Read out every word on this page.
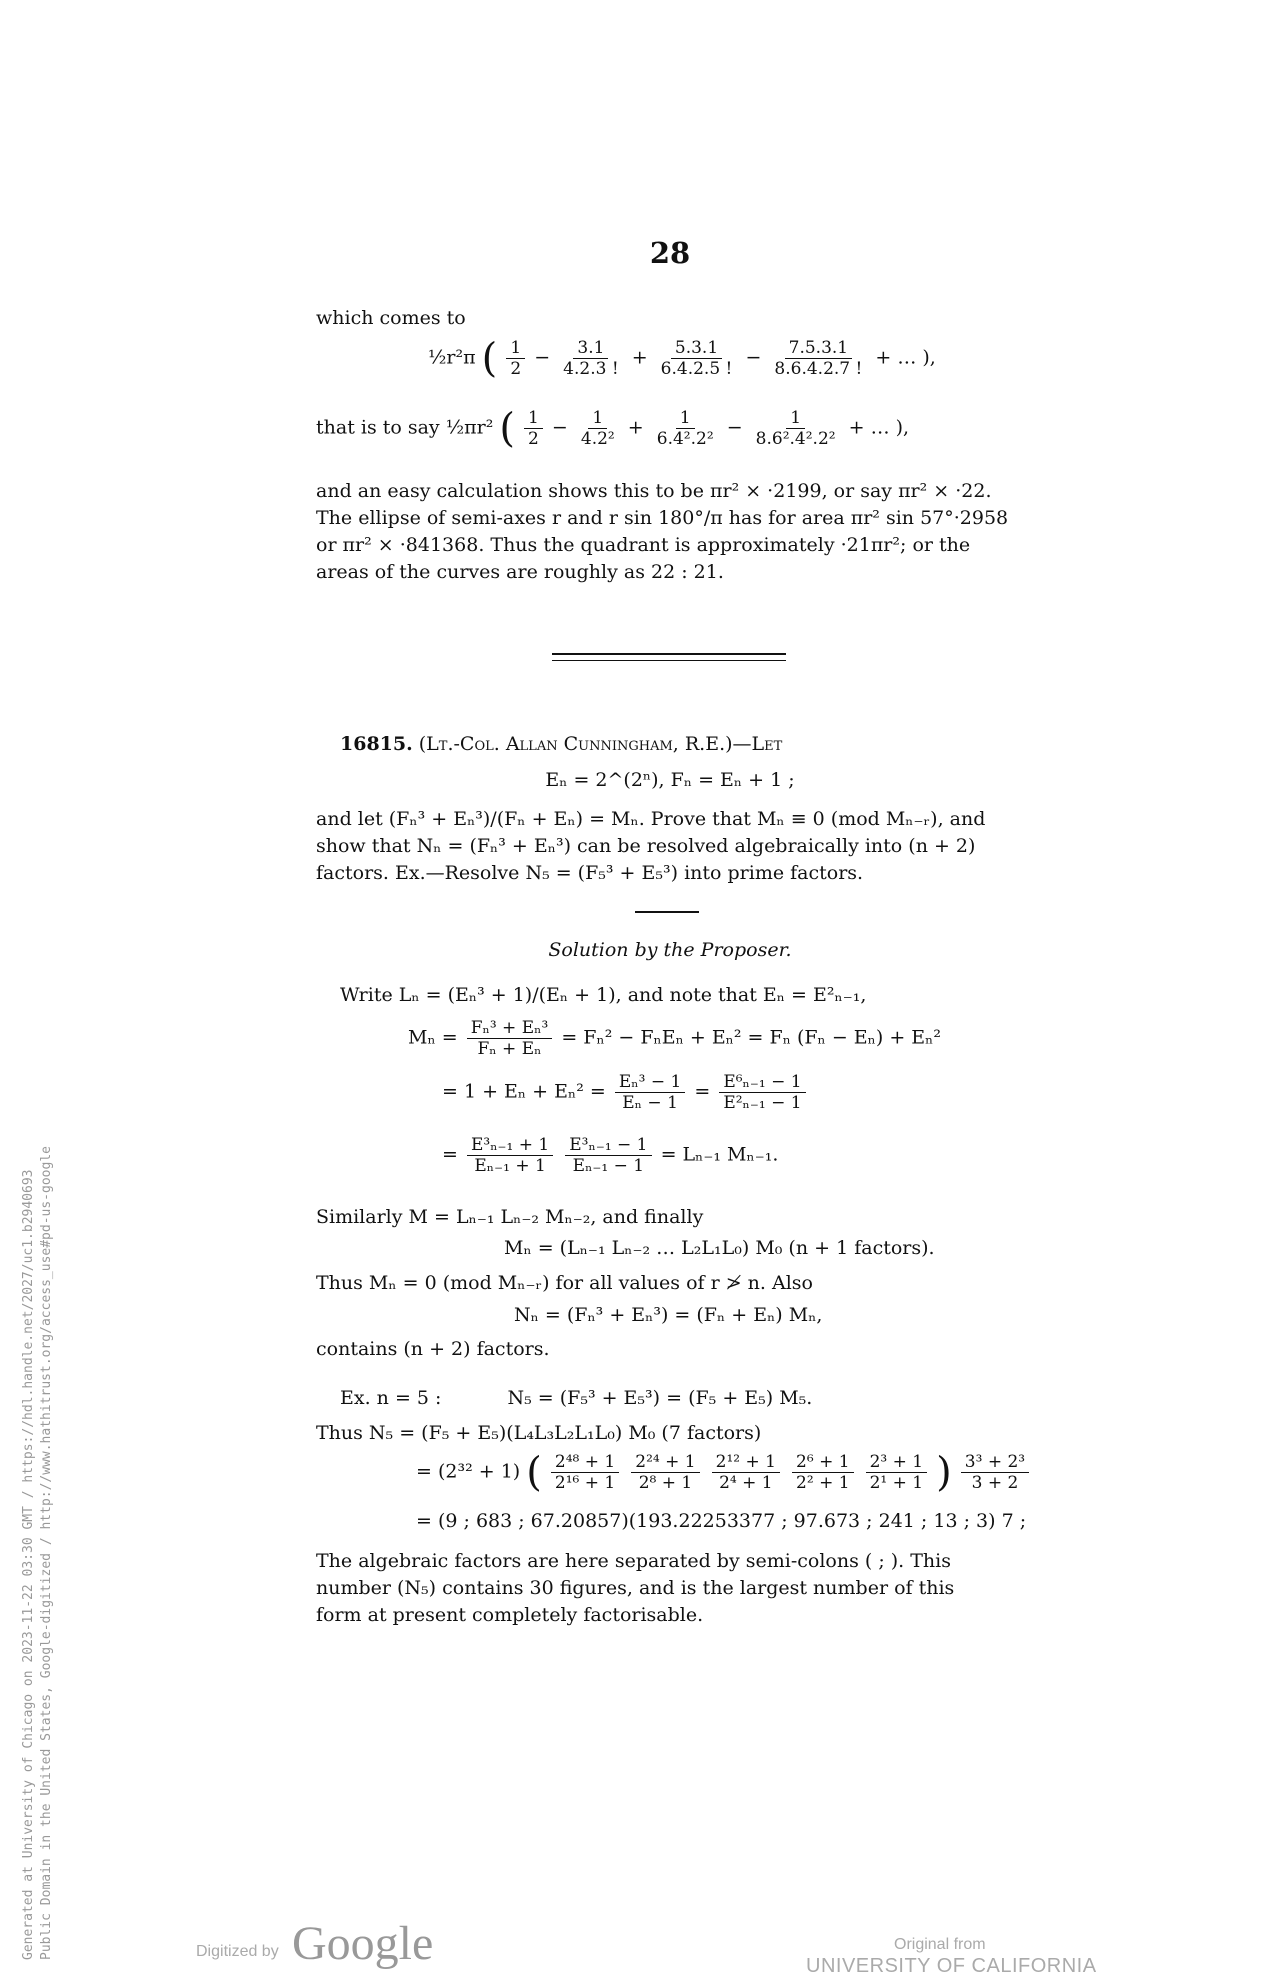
Generated at University of Chicago on 2023-11-22 03:30 GMT / https://hdl.handle.net/2027/uc1.b2940693 Public Domain in the United States, Google-digitized / http://www.hathitrust.org/access_use#pd-us-google
28
which comes to
½r²π ( $\frac{1}{2} - \frac{3.1}{4.2.3 !} + \frac{5.3.1}{6.4.2.5 !} - \frac{7.5.3.1}{8.6.4.2.7 !}$ + … ),
that is to say ½πr² ( $\frac{1}{2} - \frac{1}{\text{4.2²}} + \frac{1}{\text{6.4².2²}} - \frac{1}{\text{8.6².4².2²}}$ + … ),
and an easy calculation shows this to be πr² × ·2199, or say πr² × ·22.
The ellipse of semi-axes r and r sin 180°/π has for area πr² sin 57°·2958
or πr² × ·841368. Thus the quadrant is approximately ·21πr²; or the
areas of the curves are roughly as 22 : 21.
16815. (Lt.-Col. Allan Cunningham, R.E.)—Let
Eₙ = 2^(2ⁿ), Fₙ = Eₙ + 1 ;
and let (Fₙ³ + Eₙ³)/(Fₙ + Eₙ) = Mₙ. Prove that Mₙ ≡ 0 (mod Mₙ₋ᵣ), and
show that Nₙ = (Fₙ³ + Eₙ³) can be resolved algebraically into (n + 2)
factors. Ex.—Resolve N₅ = (F₅³ + E₅³) into prime factors.
Solution by the Proposer.
Write Lₙ = (Eₙ³ + 1)/(Eₙ + 1), and note that Eₙ = E²ₙ₋₁,
$M_n = \frac{\text{Fₙ³ + Eₙ³}}{\text{Fₙ + Eₙ}} = F_n^2 - F_nE_n + E_n^2 = F_n$ (Fₙ − Eₙ) + Eₙ²
= $1 + E_n + E_n^2 = \frac{\text{Eₙ³ − 1}}{\text{Eₙ − 1}} = \frac{\text{E⁶ₙ₋₁ − 1}}{\text{E²ₙ₋₁ − 1}}$
= $\frac{\text{E³ₙ₋₁ + 1}}{\text{Eₙ₋₁ + 1}}$
$\frac{\text{E³ₙ₋₁ − 1}}{\text{Eₙ₋₁ − 1}} = L_{n-1}$ Mₙ₋₁.
Similarly M = Lₙ₋₁ Lₙ₋₂ Mₙ₋₂, and finally
Mₙ = (Lₙ₋₁ Lₙ₋₂ … L₂L₁L₀) M₀ (n + 1 factors).
Thus Mₙ = 0 (mod Mₙ₋ᵣ) for all values of r ≯ n. Also
Nₙ = (Fₙ³ + Eₙ³) = (Fₙ + Eₙ) Mₙ,
contains (n + 2) factors.
Ex. n = 5 :	N₅ = (F₅³ + E₅³) = (F₅ + E₅) M₅.
Thus N₅ = (F₅ + E₅)(L₄L₃L₂L₁L₀) M₀ (7 factors)
= (2³² + 1) ( $\frac{\text{2⁴⁸ + 1}}{\text{2¹⁶ + 1}}$
$\frac{\text{2²⁴ + 1}}{\text{2⁸ + 1}}$
$\frac{\text{2¹² + 1}}{\text{2⁴ + 1}}$
$\frac{\text{2⁶ + 1}}{\text{2² + 1}}$
$\frac{\text{2³ + 1}}{\text{2¹ + 1}}$ ) $\frac{\text{3³ + 2³}}{3 + 2}$
= (9 ; 683 ; 67.20857)(193.22253377 ; 97.673 ; 241 ; 13 ; 3) 7 ;
The algebraic factors are here separated by semi-colons ( ; ). This
number (N₅) contains 30 figures, and is the largest number of this
form at present completely factorisable.
Digitized by Google	Original from
UNIVERSITY OF CALIFORNIA
